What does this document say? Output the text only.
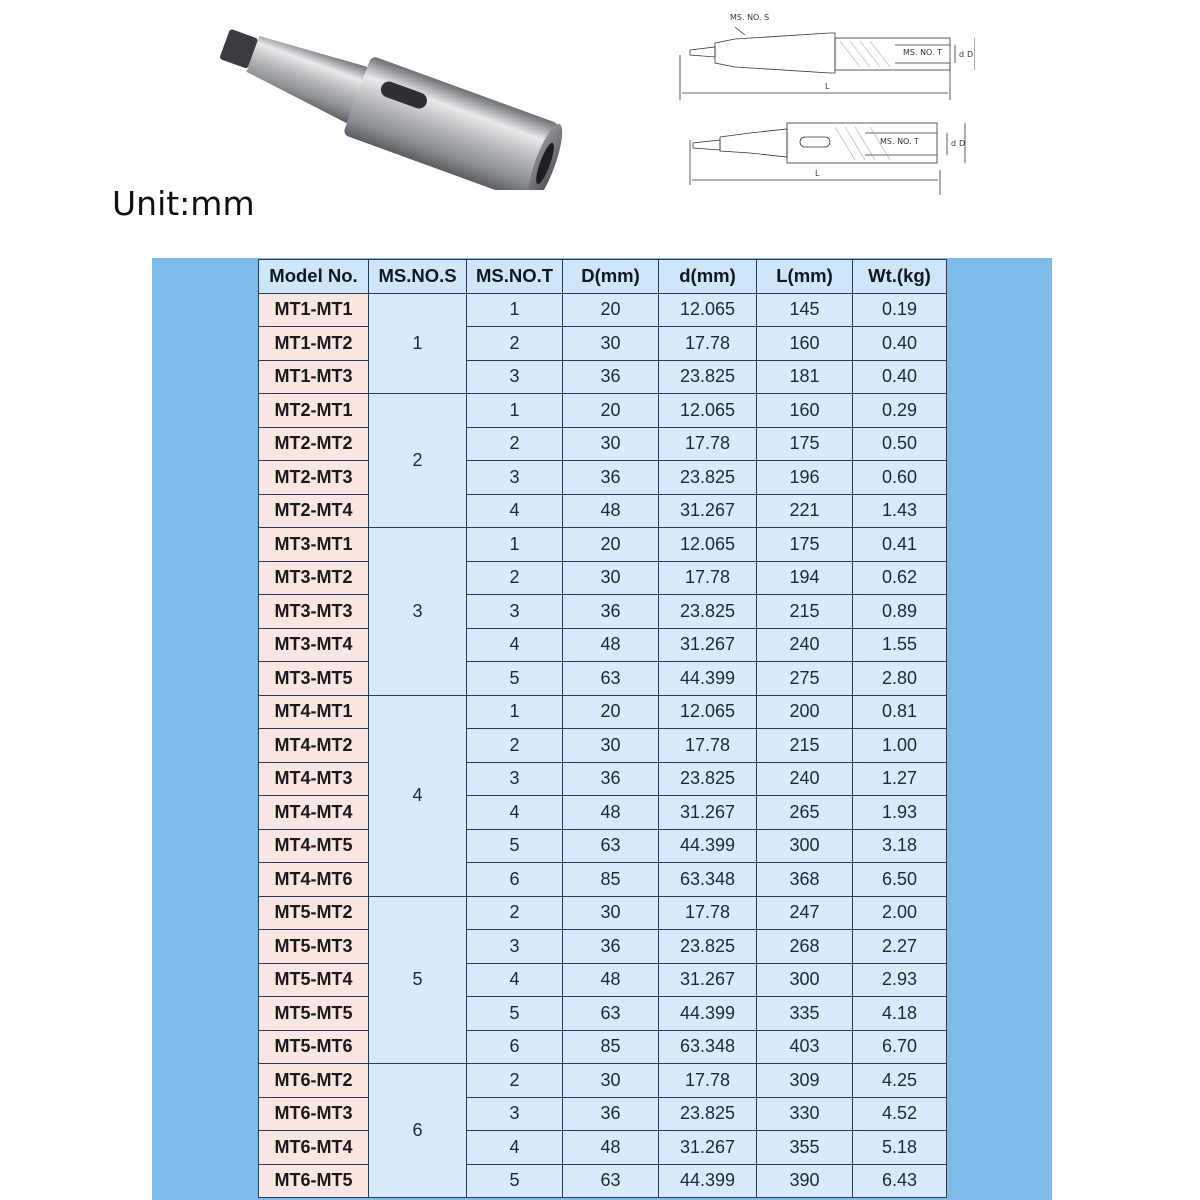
MS. NO. S
MS. NO. T d D
L
MS. NO. T	d D
L
Unit:mm
Model No.	MS.NO.S	MS.NO.T	D(mm)	d(mm)	L(mm)	Wt.(kg)
MT1-MT1	1	1	20	12.065	145	0.19
MT1-MT2		2	30	17.78	160	0.40
MT1-MT3		3	36	23.825	181	0.40
MT2-MT1	2	1	20	12.065	160	0.29
MT2-MT2		2	30	17.78	175	0.50
MT2-MT3		3	36	23.825	196	0.60
MT2-MT4		4	48	31.267	221	1.43
MT3-MT1	3	1	20	12.065	175	0.41
MT3-MT2		2	30	17.78	194	0.62
MT3-MT3		3	36	23.825	215	0.89
MT3-MT4		4	48	31.267	240	1.55
MT3-MT5		5	63	44.399	275	2.80
MT4-MT1	4	1	20	12.065	200	0.81
MT4-MT2		2	30	17.78	215	1.00
MT4-MT3		3	36	23.825	240	1.27
MT4-MT4		4	48	31.267	265	1.93
MT4-MT5		5	63	44.399	300	3.18
MT4-MT6		6	85	63.348	368	6.50
MT5-MT2	5	2	30	17.78	247	2.00
MT5-MT3		3	36	23.825	268	2.27
MT5-MT4		4	48	31.267	300	2.93
MT5-MT5		5	63	44.399	335	4.18
MT5-MT6		6	85	63.348	403	6.70
MT6-MT2	6	2	30	17.78	309	4.25
MT6-MT3		3	36	23.825	330	4.52
MT6-MT4		4	48	31.267	355	5.18
MT6-MT5		5	63	44.399	390	6.43
